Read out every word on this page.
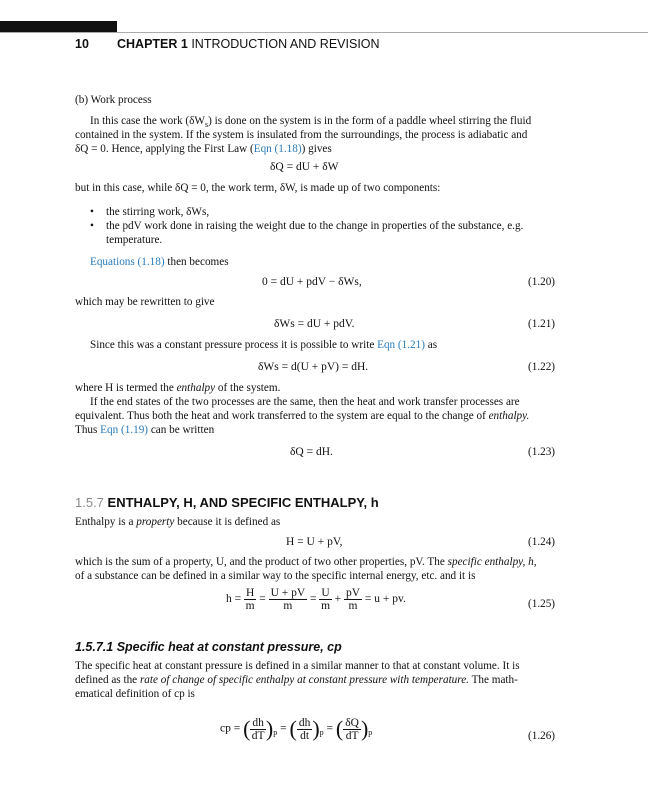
10 CHAPTER 1 INTRODUCTION AND REVISION
(b) Work process
In this case the work $(\delta W_s)$ is done on the system is in the form of a paddle wheel stirring the fluid
contained in the system. If the system is insulated from the surroundings, the process is adiabatic and
δQ = 0. Hence, applying the First Law (Eqn (1.18)) gives
δQ = dU + δW
but in this case, while δQ = 0, the work term, δW, is made up of two components:
• the stirring work, δWs,
• the pdV work done in raising the weight due to the change in properties of the substance, e.g.
temperature.
Equations (1.18) then becomes
0 = dU + pdV − δWs,	(1.20)
which may be rewritten to give
δWs = dU + pdV.	(1.21)
Since this was a constant pressure process it is possible to write Eqn (1.21) as
δWs = d(U + pV) = dH.	(1.22)
where H is termed the enthalpy of the system.
If the end states of the two processes are the same, then the heat and work transfer processes are
equivalent. Thus both the heat and work transferred to the system are equal to the change of enthalpy.
Thus Eqn (1.19) can be written
δQ = dH.	(1.23)
1.5.7 ENTHALPY, H, AND SPECIFIC ENTHALPY, h
Enthalpy is a property because it is defined as
H = U + pV,	(1.24)
which is the sum of a property, U, and the product of two other properties, pV. The specific enthalpy, h,
of a substance can be defined in a similar way to the specific internal energy, etc. and it is
$h = \frac{H}{m} = \frac{U + pV}{m} = \frac{U}{m} + \frac{pV}{m} = u$ + pv.	(1.25)
1.5.7.1 Specific heat at constant pressure, cp
The specific heat at constant pressure is defined in a similar manner to that at constant volume. It is
defined as the rate of change of specific enthalpy at constant pressure with temperature. The math-
ematical definition of cp is
cp = ( $\frac{dh}{dT} )_p$ = ( $\frac{dh}{dt} )_p$ = ( $\frac{\delta Q}{dT} )_p$	(1.26)
